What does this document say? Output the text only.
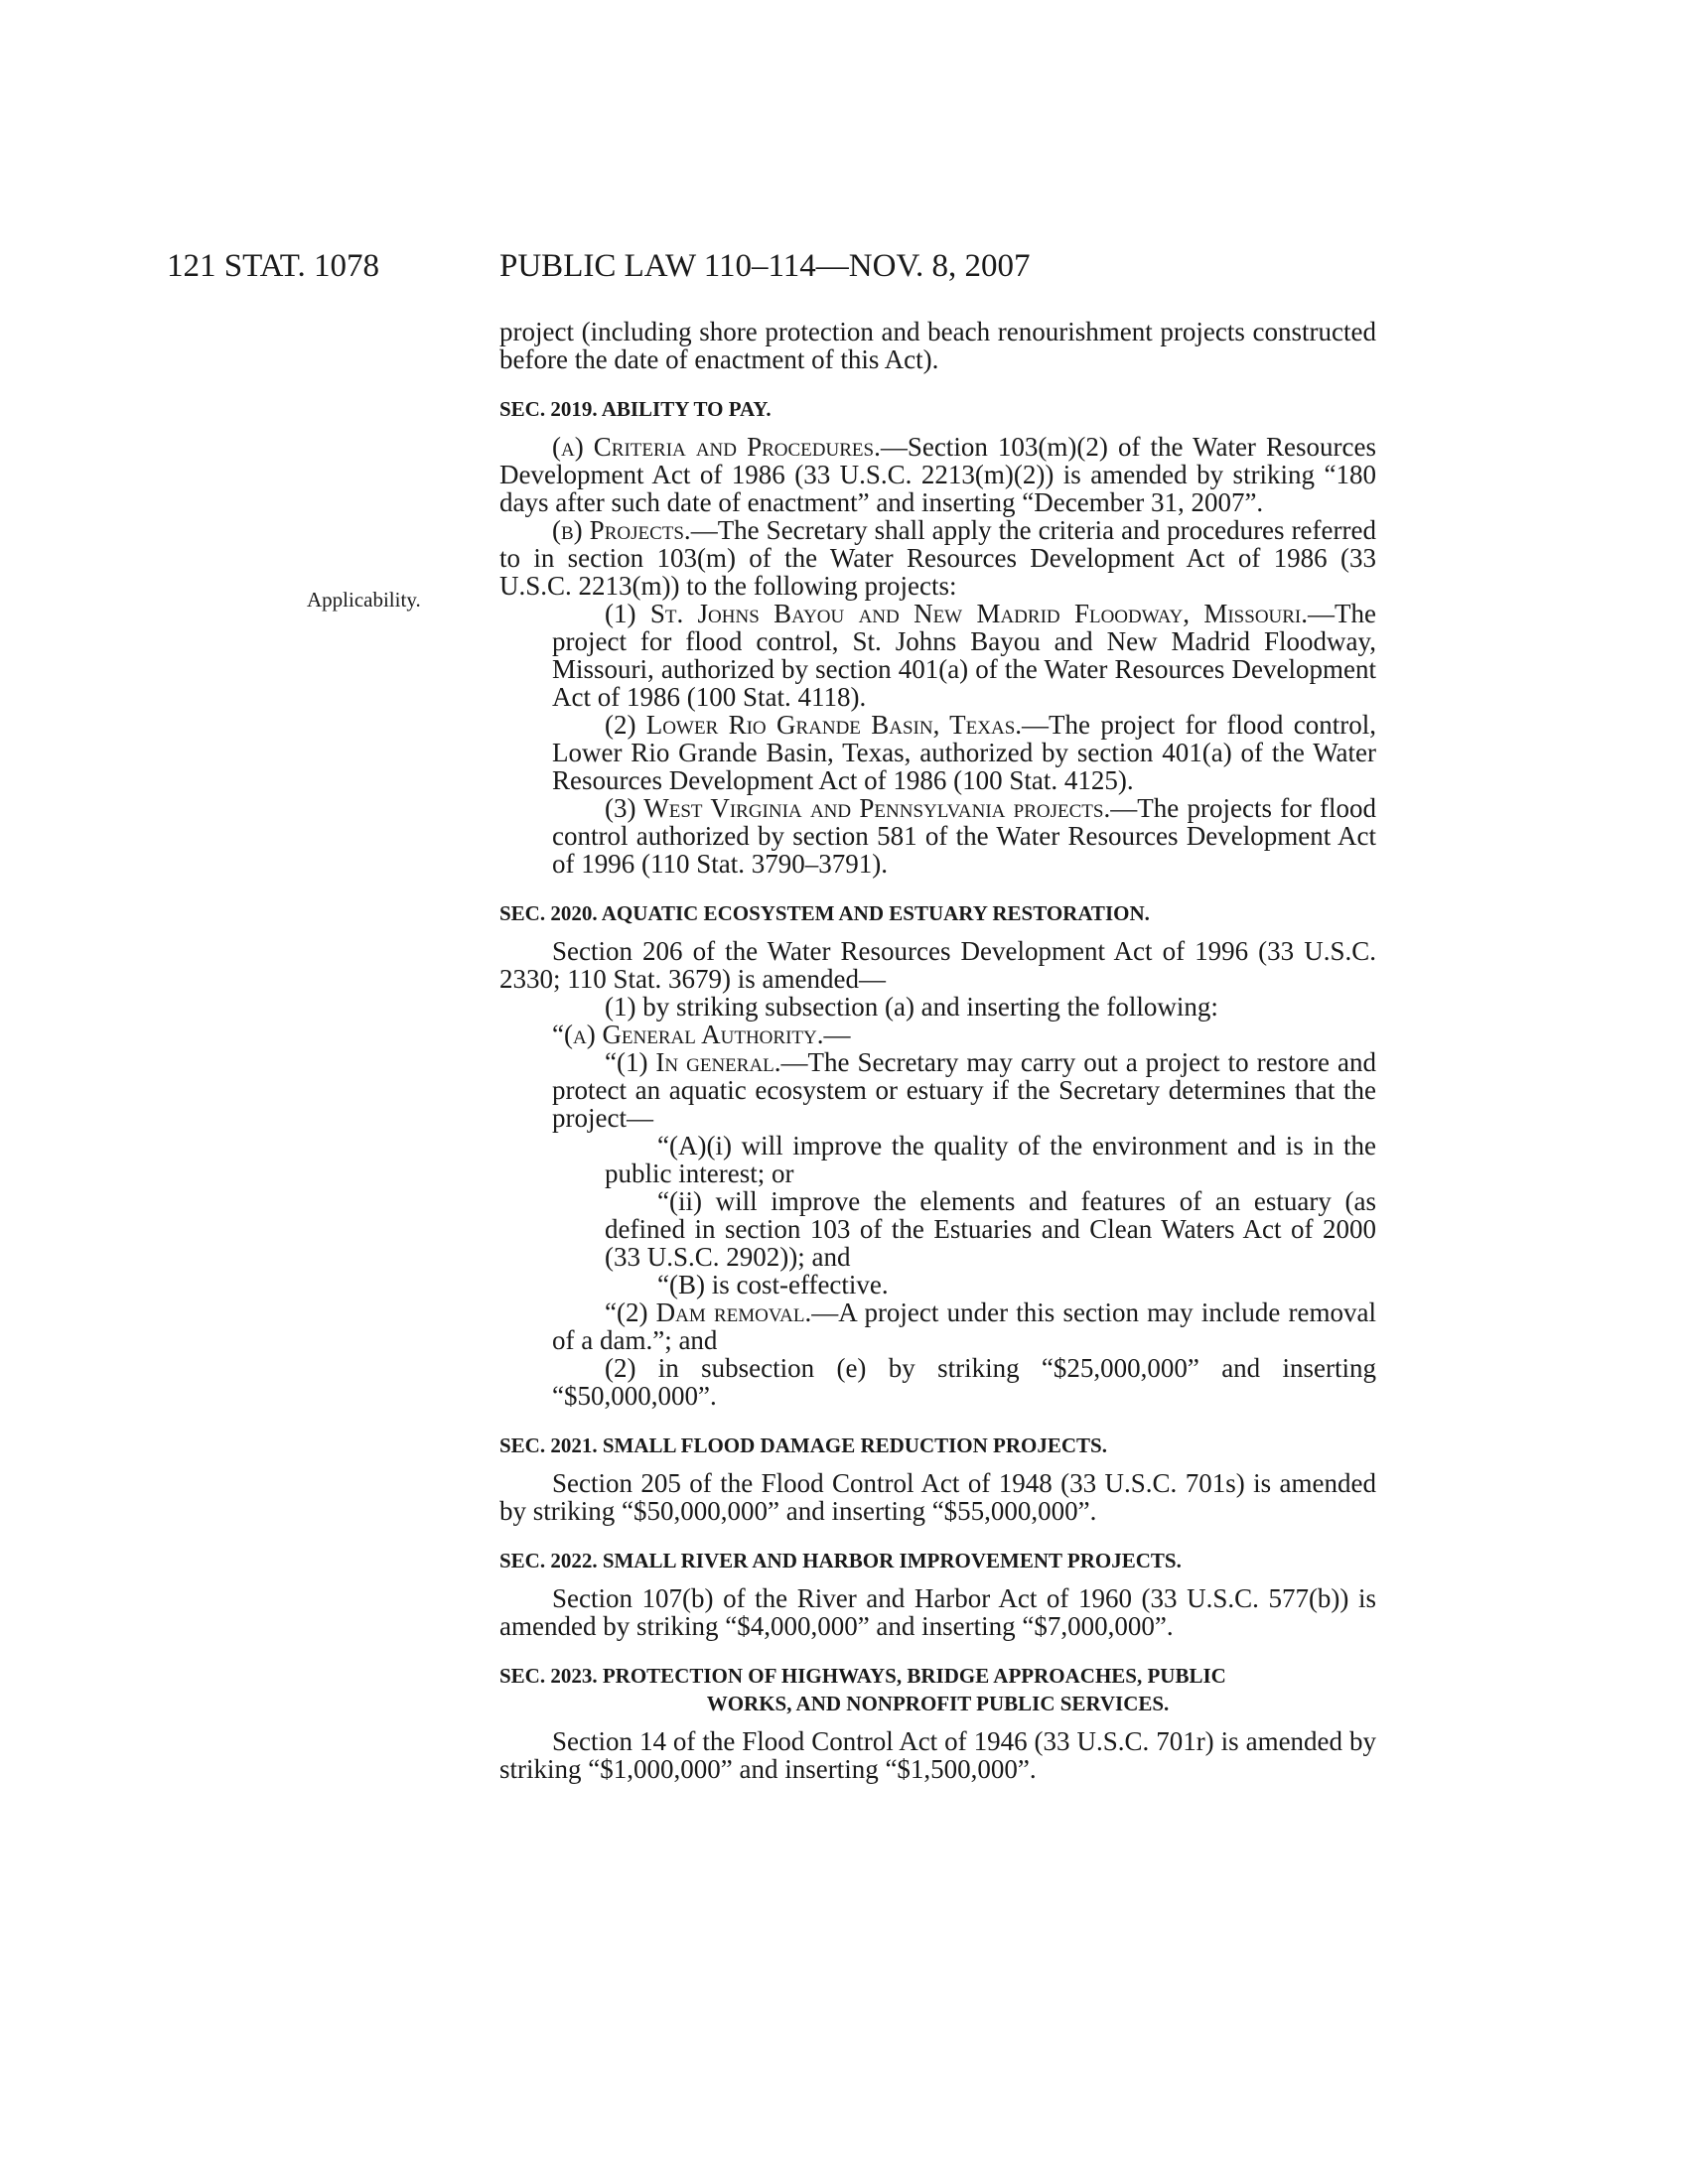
121 STAT. 1078	PUBLIC LAW 110–114—NOV. 8, 2007
Applicability.

project (including shore protection and beach renourishment projects constructed before the date of enactment of this Act).

SEC. 2019. ABILITY TO PAY.

(a) Criteria and Procedures.—Section 103(m)(2) of the Water Resources Development Act of 1986 (33 U.S.C. 2213(m)(2)) is amended by striking “180 days after such date of enactment” and inserting “December 31, 2007”.

(b) Projects.—The Secretary shall apply the criteria and procedures referred to in section 103(m) of the Water Resources Development Act of 1986 (33 U.S.C. 2213(m)) to the following projects:

(1) St. Johns Bayou and New Madrid Floodway, Missouri.—The project for flood control, St. Johns Bayou and New Madrid Floodway, Missouri, authorized by section 401(a) of the Water Resources Development Act of 1986 (100 Stat. 4118).

(2) Lower Rio Grande Basin, Texas.—The project for flood control, Lower Rio Grande Basin, Texas, authorized by section 401(a) of the Water Resources Development Act of 1986 (100 Stat. 4125).

(3) West Virginia and Pennsylvania projects.—The projects for flood control authorized by section 581 of the Water Resources Development Act of 1996 (110 Stat. 3790–3791).

SEC. 2020. AQUATIC ECOSYSTEM AND ESTUARY RESTORATION.

Section 206 of the Water Resources Development Act of 1996 (33 U.S.C. 2330; 110 Stat. 3679) is amended—

(1) by striking subsection (a) and inserting the following:

“(a) General Authority.—

“(1) In general.—The Secretary may carry out a project to restore and protect an aquatic ecosystem or estuary if the Secretary determines that the project—

“(A)(i) will improve the quality of the environment and is in the public interest; or

“(ii) will improve the elements and features of an estuary (as defined in section 103 of the Estuaries and Clean Waters Act of 2000 (33 U.S.C. 2902)); and

“(B) is cost-effective.

“(2) Dam removal.—A project under this section may include removal of a dam.”; and

(2) in subsection (e) by striking “$25,000,000” and inserting “$50,000,000”.

SEC. 2021. SMALL FLOOD DAMAGE REDUCTION PROJECTS.

Section 205 of the Flood Control Act of 1948 (33 U.S.C. 701s) is amended by striking “$50,000,000” and inserting “$55,000,000”.

SEC. 2022. SMALL RIVER AND HARBOR IMPROVEMENT PROJECTS.

Section 107(b) of the River and Harbor Act of 1960 (33 U.S.C. 577(b)) is amended by striking “$4,000,000” and inserting “$7,000,000”.

SEC. 2023. PROTECTION OF HIGHWAYS, BRIDGE APPROACHES, PUBLIC

WORKS, AND NONPROFIT PUBLIC SERVICES.

Section 14 of the Flood Control Act of 1946 (33 U.S.C. 701r) is amended by striking “$1,000,000” and inserting “$1,500,000”.
